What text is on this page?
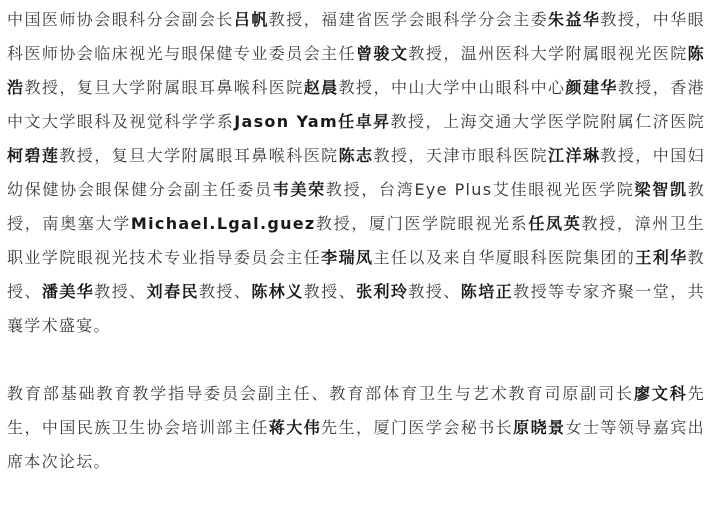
中国医师协会眼科分会副会长吕帆教授，福建省医学会眼科学分会主委朱益华教授，中华眼科医师协会临床视光与眼保健专业委员会主任曾骏文教授，温州医科大学附属眼视光医院陈浩教授，复旦大学附属眼耳鼻喉科医院赵晨教授，中山大学中山眼科中心颜建华教授，香港中文大学眼科及视觉科学学系Jason Yam任卓昇教授，上海交通大学医学院附属仁济医院柯碧莲教授，复旦大学附属眼耳鼻喉科医院陈志教授，天津市眼科医院江洋琳教授，中国妇幼保健协会眼保健分会副主任委员韦美荣教授，台湾Eye Plus艾佳眼视光医学院梁智凯教授，南奥塞大学Michael.Lgal.guez教授，厦门医学院眼视光系任凤英教授，漳州卫生职业学院眼视光技术专业指导委员会主任李瑞凤主任以及来自华厦眼科医院集团的王利华教授、潘美华教授、刘春民教授、陈林义教授、张利玲教授、陈培正教授等专家齐聚一堂，共襄学术盛宴。

教育部基础教育教学指导委员会副主任、教育部体育卫生与艺术教育司原副司长廖文科先生，中国民族卫生协会培训部主任蒋大伟先生，厦门医学会秘书长原晓景女士等领导嘉宾出席本次论坛。
